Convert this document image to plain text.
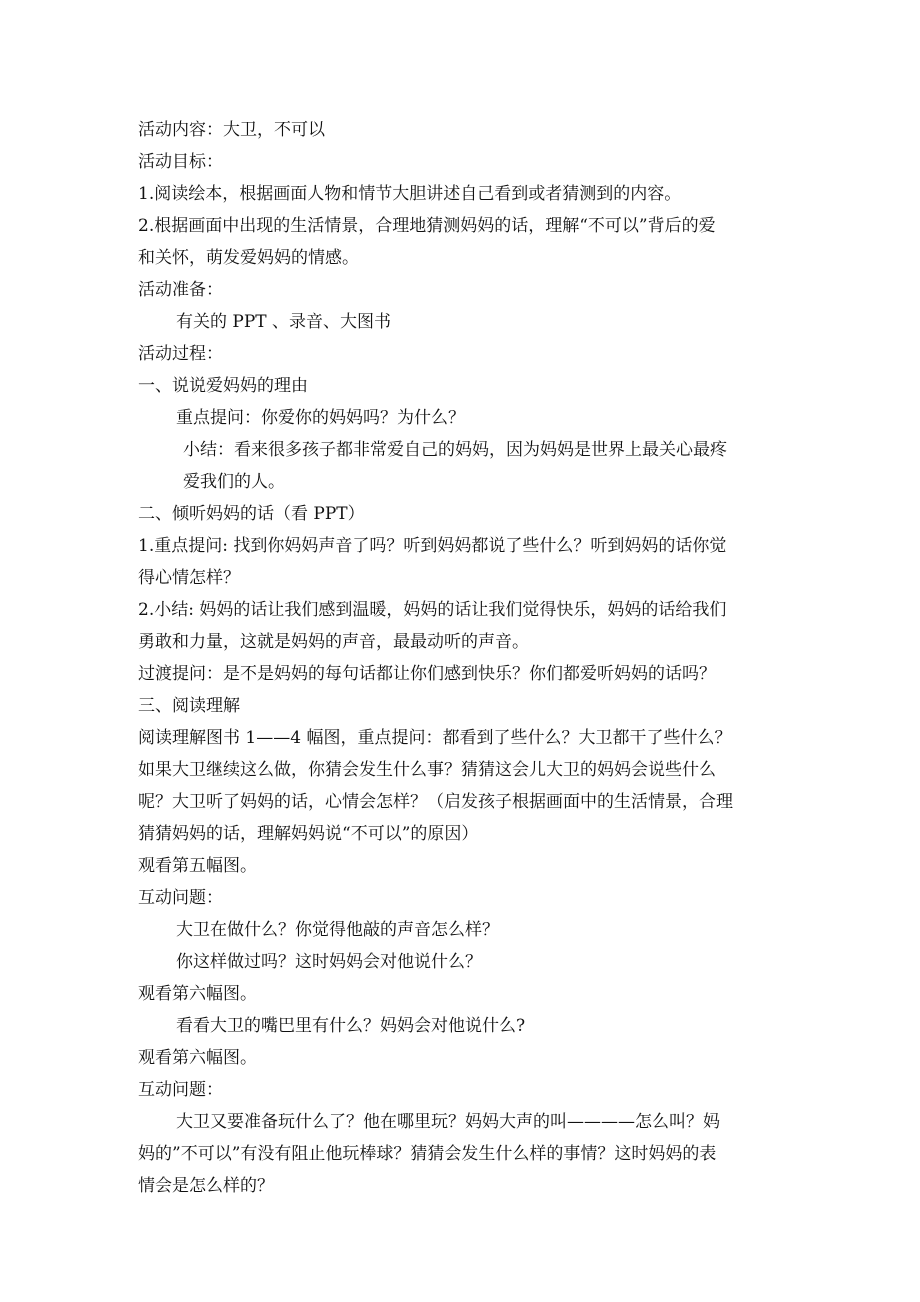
活动内容：大卫，不可以
活动目标：
1.阅读绘本，根据画面人物和情节大胆讲述自己看到或者猜测到的内容。
2.根据画面中出现的生活情景，合理地猜测妈妈的话，理解“不可以”背后的爱
和关怀，萌发爱妈妈的情感。
活动准备：
有关的 PPT 、录音、大图书
活动过程：
一、说说爱妈妈的理由
重点提问：你爱你的妈妈吗？为什么？
小结：看来很多孩子都非常爱自己的妈妈，因为妈妈是世界上最关心最疼
爱我们的人。
二、倾听妈妈的话（看 PPT）
1.重点提问: 找到你妈妈声音了吗？听到妈妈都说了些什么？听到妈妈的话你觉
得心情怎样？
2.小结: 妈妈的话让我们感到温暖，妈妈的话让我们觉得快乐，妈妈的话给我们
勇敢和力量，这就是妈妈的声音，最最动听的声音。
过渡提问：是不是妈妈的每句话都让你们感到快乐？你们都爱听妈妈的话吗？
三、阅读理解
阅读理解图书 1——4 幅图，重点提问：都看到了些什么？大卫都干了些什么？
如果大卫继续这么做，你猜会发生什么事？猜猜这会儿大卫的妈妈会说些什么
呢？大卫听了妈妈的话，心情会怎样？（启发孩子根据画面中的生活情景，合理
猜猜妈妈的话，理解妈妈说“不可以”的原因）
观看第五幅图。
互动问题：
大卫在做什么？你觉得他敲的声音怎么样？
你这样做过吗？这时妈妈会对他说什么？
观看第六幅图。
看看大卫的嘴巴里有什么？妈妈会对他说什么?
观看第六幅图。
互动问题：
大卫又要准备玩什么了？他在哪里玩？妈妈大声的叫————怎么叫？妈
妈的”不可以”有没有阻止他玩棒球？猜猜会发生什么样的事情？这时妈妈的表
情会是怎么样的？
